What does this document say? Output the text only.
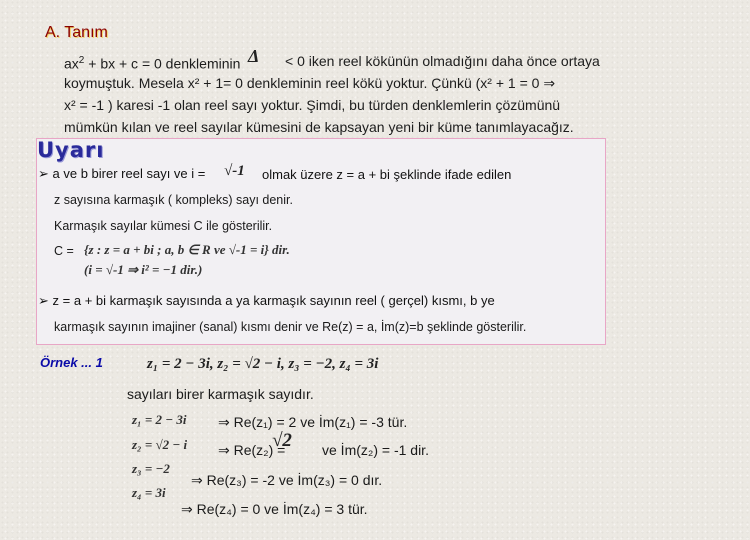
A. Tanım
$ax^2$ + bx + c = 0 denkleminin Δ < 0 iken reel kökünün olmadığını daha önce ortaya
koymuştuk. Mesela x² + 1= 0 denkleminin reel kökü yoktur. Çünkü (x² + 1 = 0 ⇒
x² = -1 ) karesi -1 olan reel sayı yoktur. Şimdi, bu türden denklemlerin çözümünü
mümkün kılan ve reel sayılar kümesini de kapsayan yeni bir küme tanımlayacağız.
Uyarı
➢ a ve b birer reel sayı ve i = √-1 olmak üzere z = a + bi şeklinde ifade edilen
z sayısına karmaşık ( kompleks) sayı denir.
Karmaşık sayılar kümesi C ile gösterilir.
C = {z : z = a + bi ; a, b ∈ R ve √-1 = i} dir.
(i = √-1 ⇒ i² = −1 dir.)
➢ z = a + bi karmaşık sayısında a ya karmaşık sayının reel ( gerçel) kısmı, b ye
karmaşık sayının imajiner (sanal) kısmı denir ve Re(z) = a, İm(z)=b şeklinde gösterilir.
Örnek ... 1	z₁ = 2 − 3i, z₂ = √2 − i, z₃ = −2, z₄ = 3i
sayıları birer karmaşık sayıdır.
z₁ = 2 − 3i ⇒ Re(z₁) = 2 ve İm(z₁) = -3 tür.
z₂ = √2 − i ⇒ Re(z₂) =
√2 ve İm(z₂) = -1 dir.
z₃ = −2
⇒ Re(z₃) = -2 ve İm(z₃) = 0 dır.
z₄ = 3i
⇒ Re(z₄) = 0 ve İm(z₄) = 3 tür.
